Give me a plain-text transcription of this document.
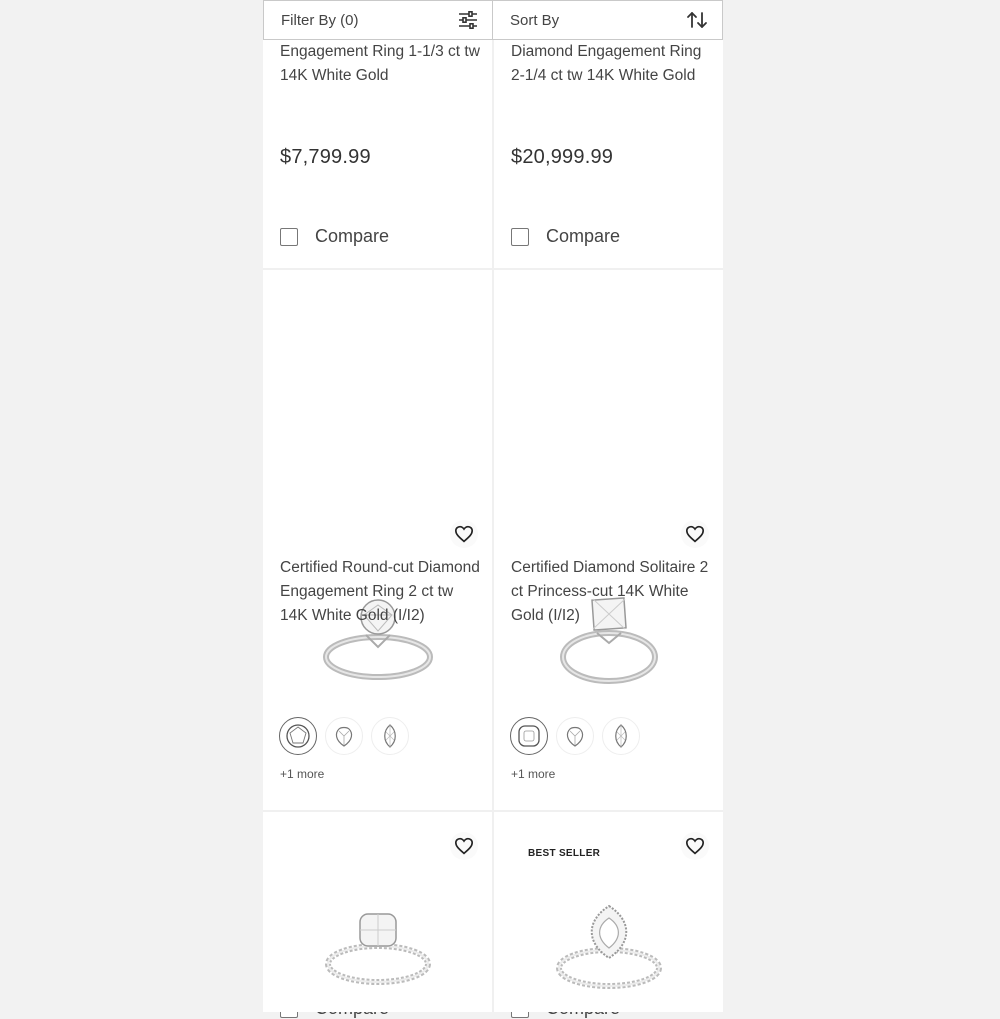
Filter By (0)	Sort By
Engagement Ring 1-1/3 ct tw 14K White Gold
$7,799.99
Compare
Diamond Engagement Ring 2-1/4 ct tw 14K White Gold
$20,999.99
Compare
+1 more
Certified Round-cut Diamond Engagement Ring 2 ct tw 14K White Gold (I/I2)
+1 more
Certified Diamond Solitaire 2 ct Princess-cut 14K White Gold (I/I2)
BEST SELLER
